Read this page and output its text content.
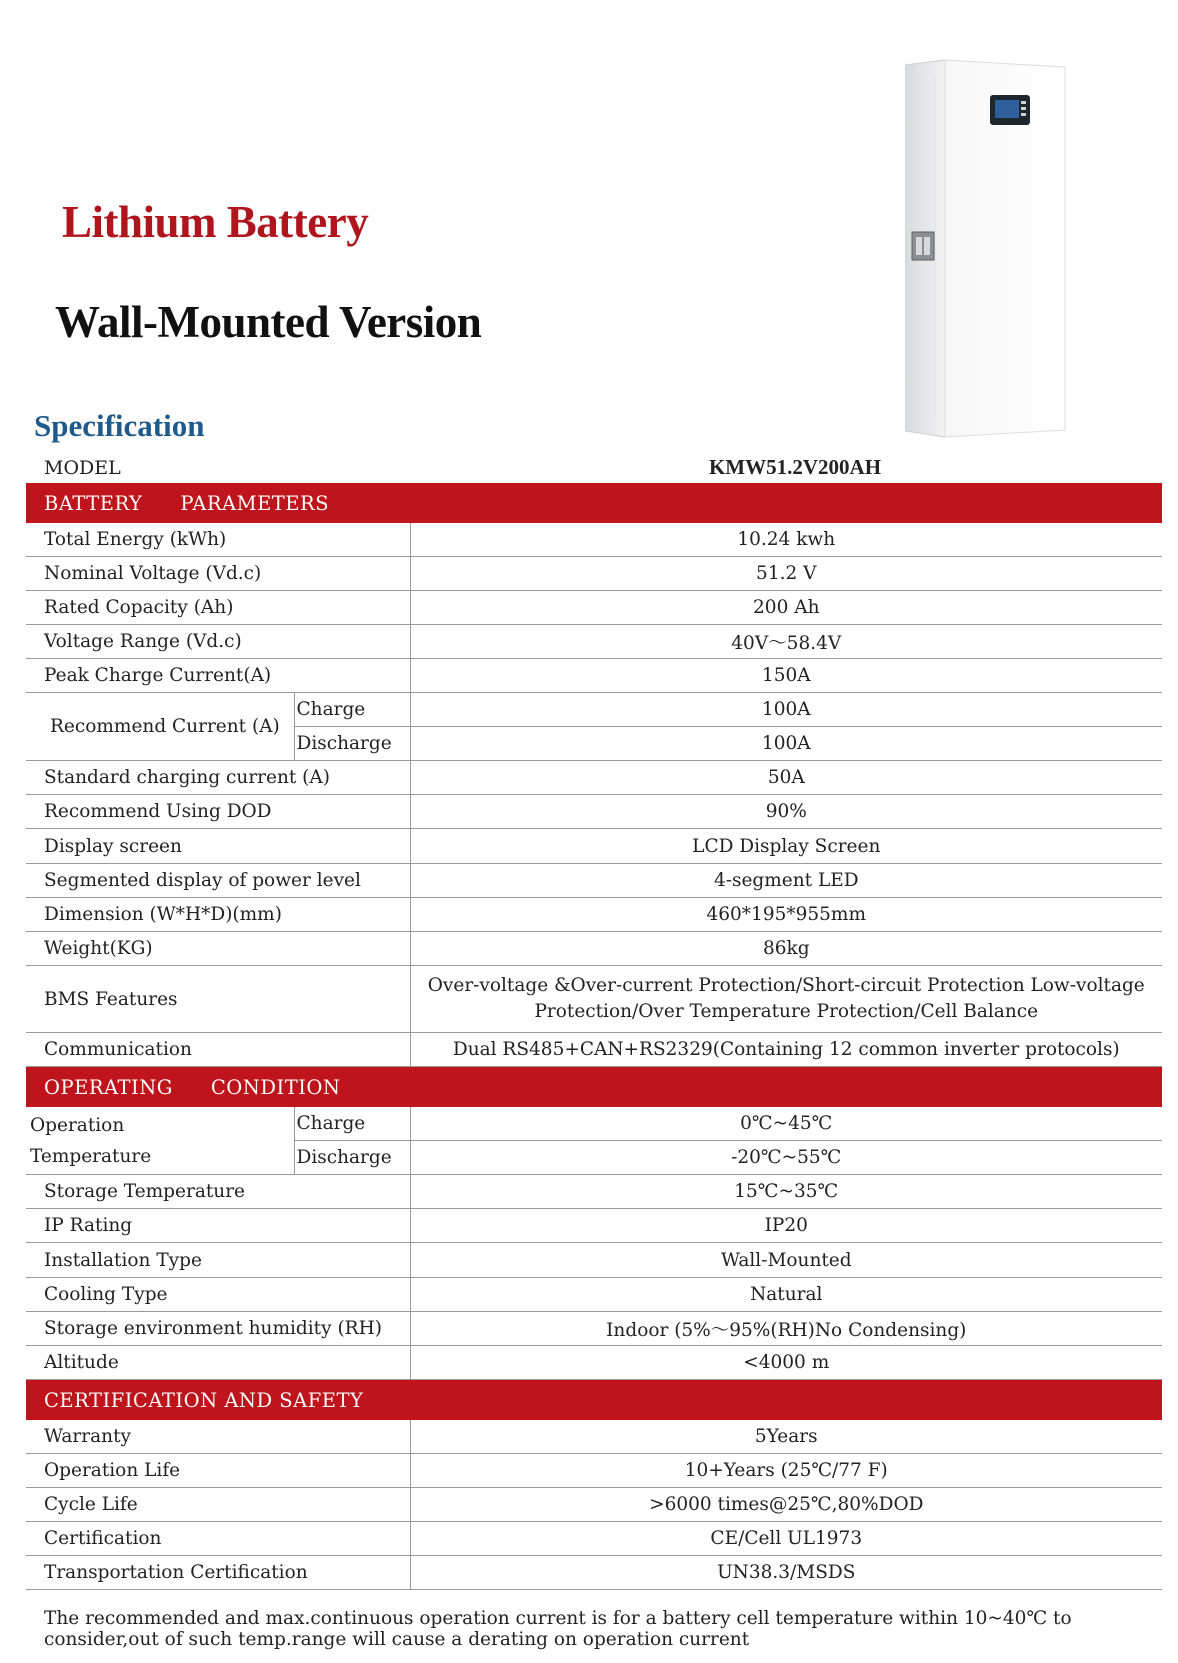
Lithium Battery
Wall-Mounted Version
Specification
MODEL		KMW51.2V200AH
BATTERY PARAMETERS		
Total Energy (kWh)		10.24 kwh
Nominal Voltage (Vd.c)		51.2 V
Rated Copacity (Ah)		200 Ah
Voltage Range (Vd.c)		40V～58.4V
Peak Charge Current(A)		150A
Recommend Current (A)	Charge	100A
	Discharge	100A
Standard charging current (A)		50A
Recommend Using DOD		90%
Display screen		LCD Display Screen
Segmented display of power level		4-segment LED
Dimension (W*H*D)(mm)		460*195*955mm
Weight(KG)		86kg
BMS Features		Over-voltage &Over-current Protection/Short-circuit Protection Low-voltage Protection/Over Temperature Protection/Cell Balance
Communication		Dual RS485+CAN+RS2329(Containing 12 common inverter protocols)
OPERATING CONDITION		
Operation
Temperature	Charge	0℃~45℃
	Discharge	-20℃~55℃
Storage Temperature		15℃~35℃
IP Rating		IP20
Installation Type		Wall-Mounted
Cooling Type		Natural
Storage environment humidity (RH)		Indoor (5%～95%(RH)No Condensing)
Altitude		<4000 m
CERTIFICATION AND SAFETY		
Warranty		5Years
Operation Life		10+Years (25℃/77 F)
Cycle Life		>6000 times@25℃,80%DOD
Certification		CE/Cell UL1973
Transportation Certification		UN38.3/MSDS

The recommended and max.continuous operation current is for a battery cell temperature within 10~40℃ to consider,out of such temp.range will cause a derating on operation current
